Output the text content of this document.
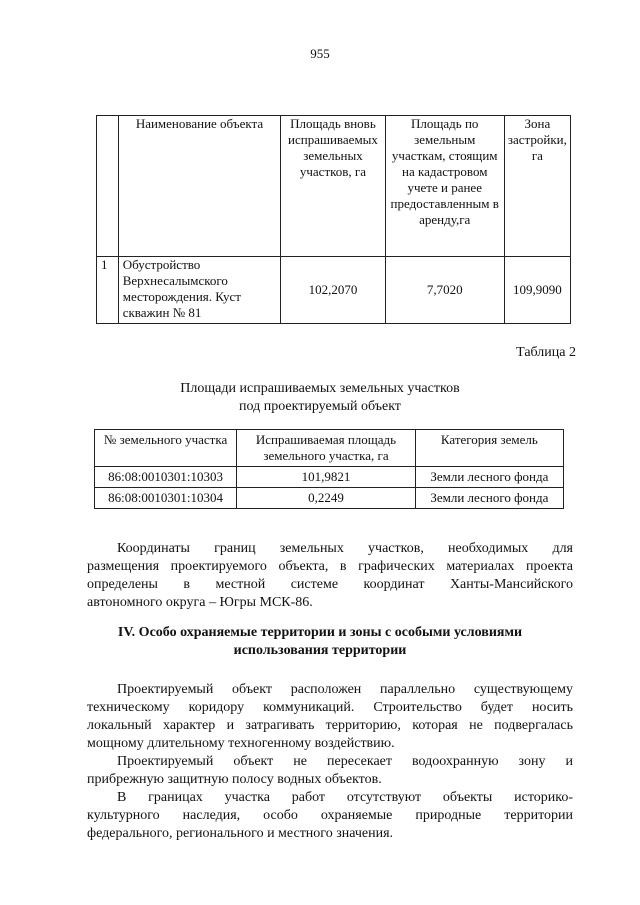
955
	Наименование объекта	Площадь вновь испрашиваемых земельных участков, га	Площадь по земельным участкам, стоящим на кадастровом учете и ранее предоставленным в аренду,га	Зона застройки, га
1	Обустройство Верхнесалымского месторождения. Куст скважин № 81	102,2070	7,7020	109,9090
Таблица 2
Площади испрашиваемых земельных участков
под проектируемый объект
№ земельного участка	Испрашиваемая площадь земельного участка, га	Категория земель
86:08:0010301:10303	101,9821	Земли лесного фонда
86:08:0010301:10304	0,2249	Земли лесного фонда
Координаты границ земельных участков, необходимых для
размещения проектируемого объекта, в графических материалах проекта
определены в местной системе координат Ханты-Мансийского
автономного округа – Югры МСК-86.
IV. Особо охраняемые территории и зоны с особыми условиями
использования территории
Проектируемый объект расположен параллельно существующему
техническому коридору коммуникаций. Строительство будет носить
локальный характер и затрагивать территорию, которая не подвергалась
мощному длительному техногенному воздействию.
Проектируемый объект не пересекает водоохранную зону и
прибрежную защитную полосу водных объектов.
В границах участка работ отсутствуют объекты историко-
культурного наследия, особо охраняемые природные территории
федерального, регионального и местного значения.
